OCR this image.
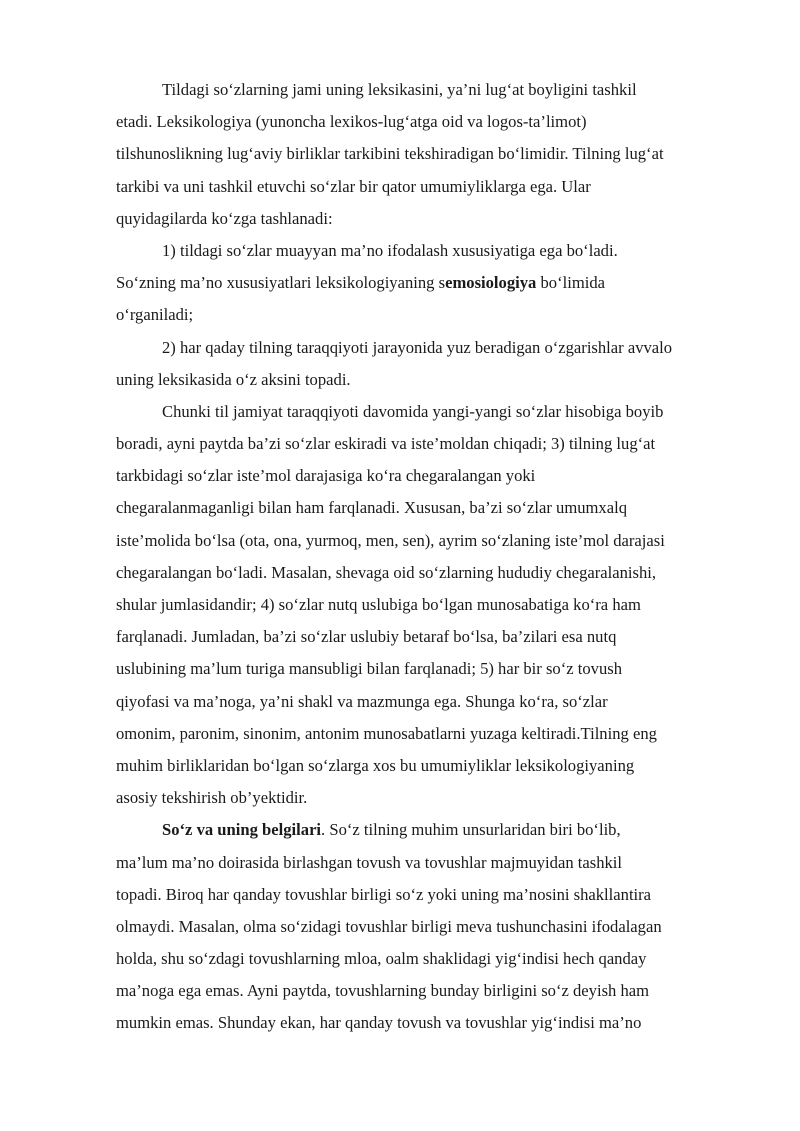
Tildagi so‘zlarning jami uning leksikasini, ya’ni lug‘at boyligini tashkil
etadi. Leksikologiya (yunoncha lexikos-lug‘atga oid va logos-ta’limot)
tilshunoslikning lug‘aviy birliklar tarkibini tekshiradigan bo‘limidir. Tilning lug‘at
tarkibi va uni tashkil etuvchi so‘zlar bir qator umumiyliklarga ega. Ular
quyidagilarda ko‘zga tashlanadi:
1) tildagi so‘zlar muayyan ma’no ifodalash xususiyatiga ega bo‘ladi.
So‘zning ma’no xususiyatlari leksikologiyaning semosiologiya bo‘limida
o‘rganiladi;
2) har qaday tilning taraqqiyoti jarayonida yuz beradigan o‘zgarishlar avvalo
uning leksikasida o‘z aksini topadi.
Chunki til jamiyat taraqqiyoti davomida yangi-yangi so‘zlar hisobiga boyib
boradi, ayni paytda ba’zi so‘zlar eskiradi va iste’moldan chiqadi; 3) tilning lug‘at
tarkbidagi so‘zlar iste’mol darajasiga ko‘ra chegaralangan yoki
chegaralanmaganligi bilan ham farqlanadi. Xususan, ba’zi so‘zlar umumxalq
iste’molida bo‘lsa (ota, ona, yurmoq, men, sen), ayrim so‘zlaning iste’mol darajasi
chegaralangan bo‘ladi. Masalan, shevaga oid so‘zlarning hududiy chegaralanishi,
shular jumlasidandir; 4) so‘zlar nutq uslubiga bo‘lgan munosabatiga ko‘ra ham
farqlanadi. Jumladan, ba’zi so‘zlar uslubiy betaraf bo‘lsa, ba’zilari esa nutq
uslubining ma’lum turiga mansubligi bilan farqlanadi; 5) har bir so‘z tovush
qiyofasi va ma’noga, ya’ni shakl va mazmunga ega. Shunga ko‘ra, so‘zlar
omonim, paronim, sinonim, antonim munosabatlarni yuzaga keltiradi.Tilning eng
muhim birliklaridan bo‘lgan so‘zlarga xos bu umumiyliklar leksikologiyaning
asosiy tekshirish ob’yektidir.
So‘z va uning belgilari. So‘z tilning muhim unsurlaridan biri bo‘lib,
ma’lum ma’no doirasida birlashgan tovush va tovushlar majmuyidan tashkil
topadi. Biroq har qanday tovushlar birligi so‘z yoki uning ma’nosini shakllantira
olmaydi. Masalan, olma so‘zidagi tovushlar birligi meva tushunchasini ifodalagan
holda, shu so‘zdagi tovushlarning mloa, oalm shaklidagi yig‘indisi hech qanday
ma’noga ega emas. Ayni paytda, tovushlarning bunday birligini so‘z deyish ham
mumkin emas. Shunday ekan, har qanday tovush va tovushlar yig‘indisi ma’no
